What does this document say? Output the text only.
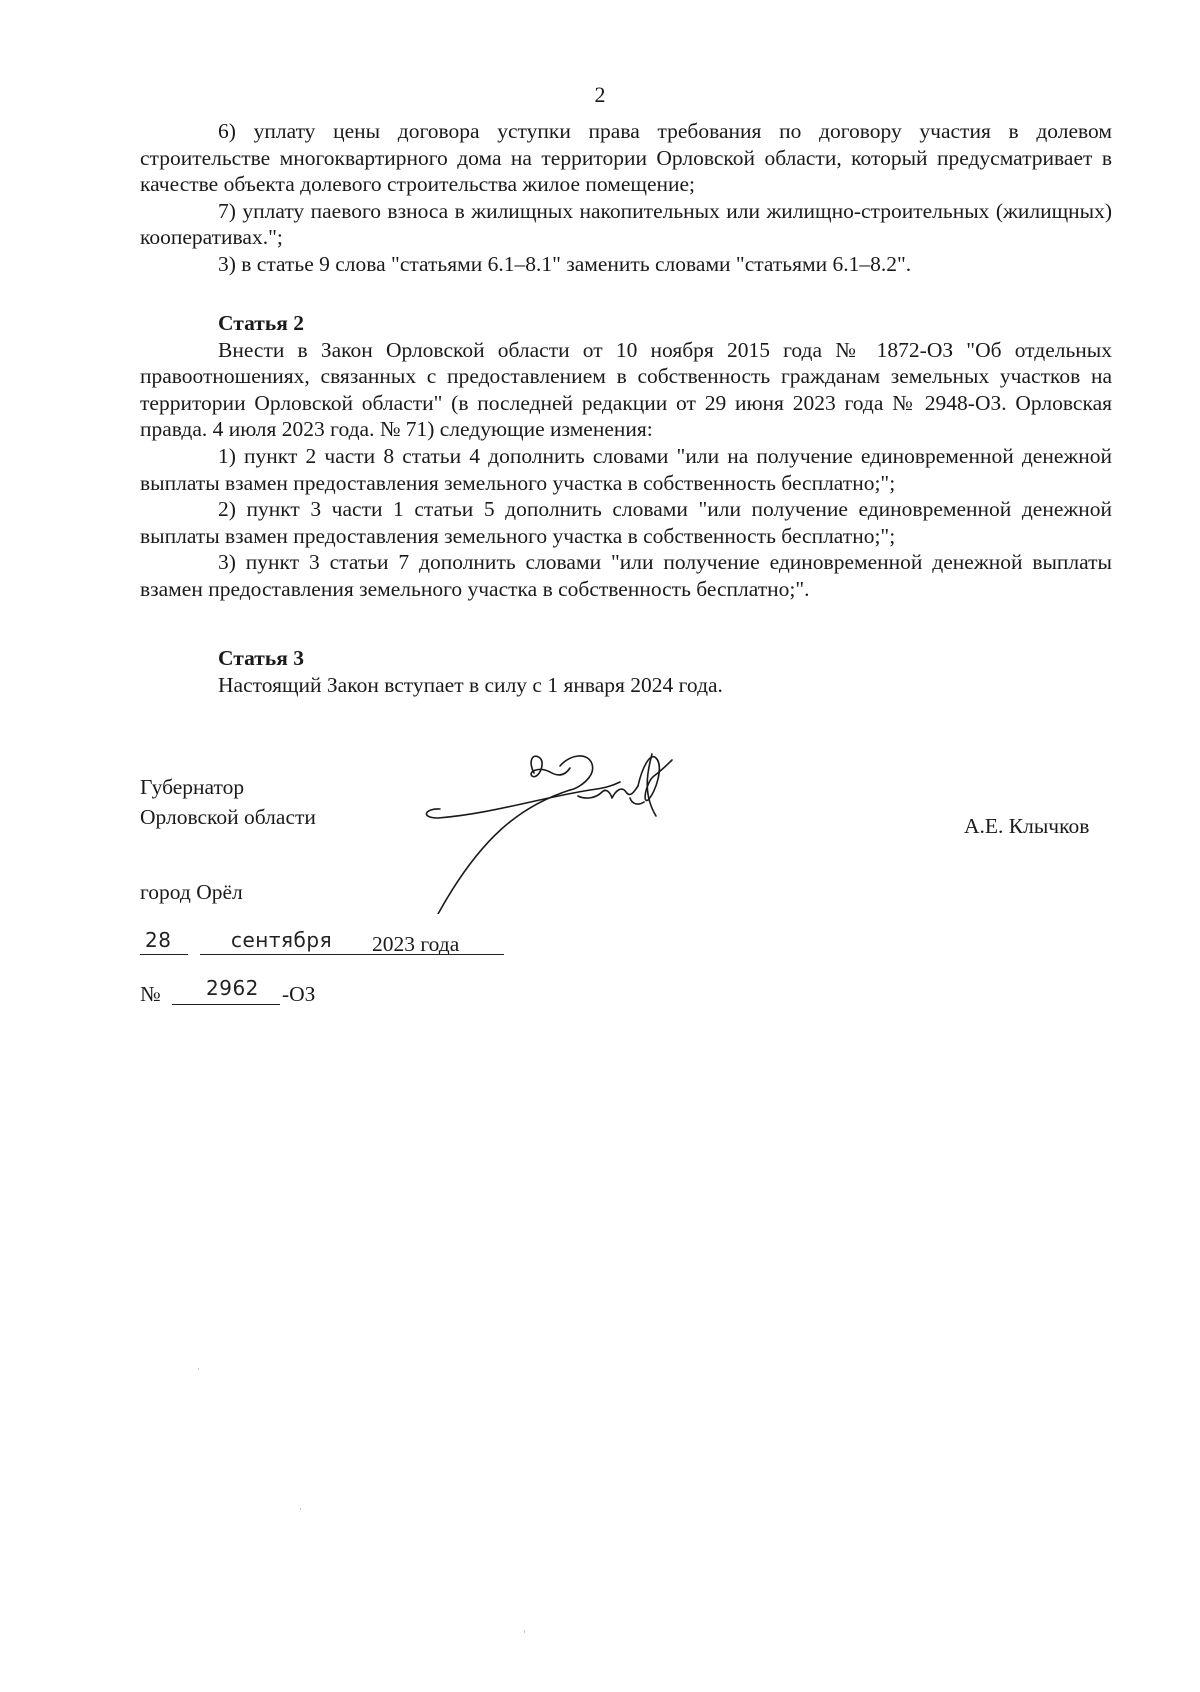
2

6) уплату цены договора уступки права требования по договору участия в долевом строительстве многоквартирного дома на территории Орловской области, который предусматривает в качестве объекта долевого строительства жилое помещение;

7) уплату паевого взноса в жилищных накопительных или жилищно-строительных (жилищных) кооперативах.";

3) в статье 9 слова "статьями 6.1–8.1" заменить словами "статьями 6.1–8.2".

Статья 2

Внести в Закон Орловской области от 10 ноября 2015 года № 1872-ОЗ "Об отдельных правоотношениях, связанных с предоставлением в собственность гражданам земельных участков на территории Орловской области" (в последней редакции от 29 июня 2023 года № 2948-ОЗ. Орловская правда. 4 июля 2023 года. № 71) следующие изменения:

1) пункт 2 части 8 статьи 4 дополнить словами "или на получение единовременной денежной выплаты взамен предоставления земельного участка в собственность бесплатно;";

2) пункт 3 части 1 статьи 5 дополнить словами "или получение единовременной денежной выплаты взамен предоставления земельного участка в собственность бесплатно;";

3) пункт 3 статьи 7 дополнить словами "или получение единовременной денежной выплаты взамен предоставления земельного участка в собственность бесплатно;".

Статья 3

Настоящий Закон вступает в силу с 1 января 2024 года.

Губернатор
Орловской области	А.Е. Клычков
город Орёл
28	сентября 2023 года
№ 2962 -ОЗ
